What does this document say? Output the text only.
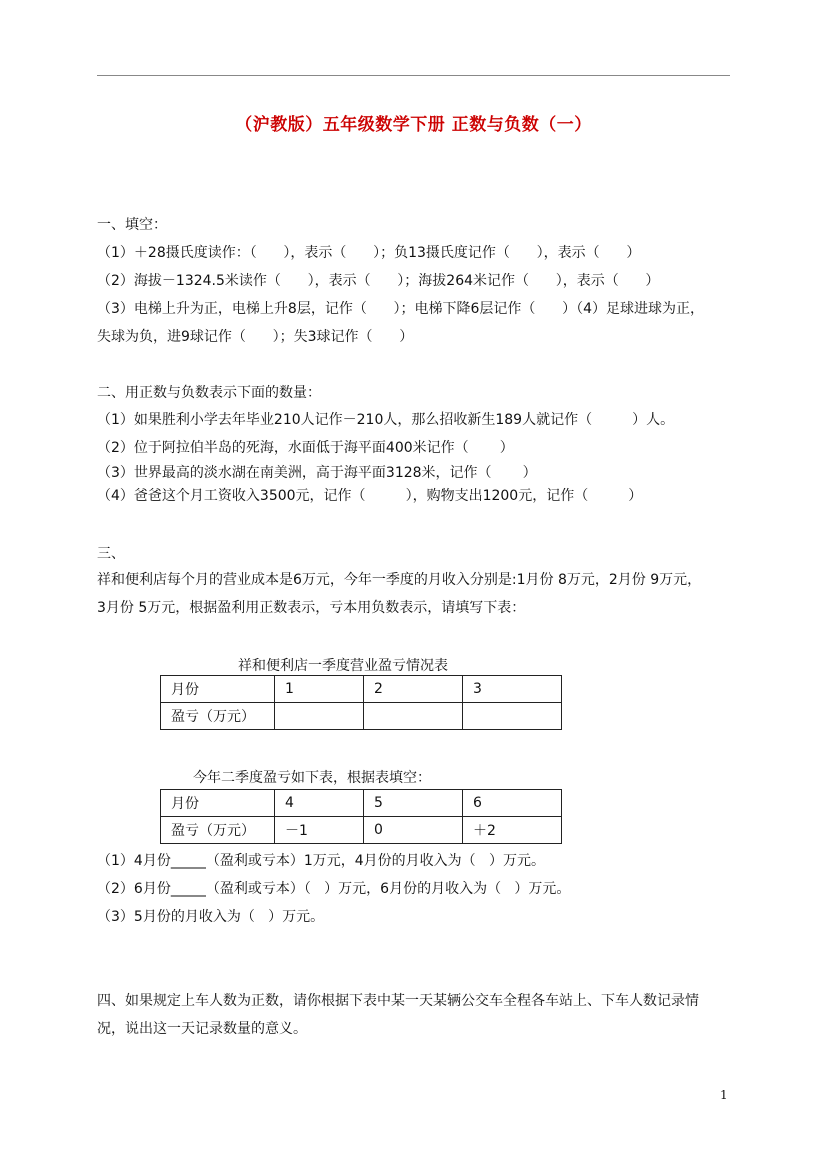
（沪教版）五年级数学下册 正数与负数（一）
一、填空：
（1）＋28摄氏度读作：（      ），表示（      ）；负13摄氏度记作（      ），表示（      ）
（2）海拔－1324.5米读作（      ），表示（      ）；海拔264米记作（      ），表示（      ）
（3）电梯上升为正，电梯上升8层，记作（      ）；电梯下降6层记作（      ）（4）足球进球为正，
失球为负，进9球记作（      ）；失3球记作（      ）
二、用正数与负数表示下面的数量：
（1）如果胜利小学去年毕业210人记作－210人，那么招收新生189人就记作（         ）人。
（2）位于阿拉伯半岛的死海，水面低于海平面400米记作（       ）
（3）世界最高的淡水湖在南美洲，高于海平面3128米，记作（       ）
（4）爸爸这个月工资收入3500元，记作（         ），购物支出1200元，记作（         ）
三、
祥和便利店每个月的营业成本是6万元，今年一季度的月收入分别是:1月份 8万元，2月份 9万元，
3月份 5万元，根据盈利用正数表示，亏本用负数表示，请填写下表：
祥和便利店一季度营业盈亏情况表
月份	1	2	3
盈亏（万元）			
今年二季度盈亏如下表，根据表填空：
月份	4	5	6
盈亏（万元）	－1	0	＋2
（1）4月份_____（盈利或亏本）1万元，4月份的月收入为（   ）万元。
（2）6月份_____（盈利或亏本）（   ）万元，6月份的月收入为（   ）万元。
（3）5月份的月收入为（   ）万元。
四、如果规定上车人数为正数，请你根据下表中某一天某辆公交车全程各车站上、下车人数记录情
况，说出这一天记录数量的意义。
1
